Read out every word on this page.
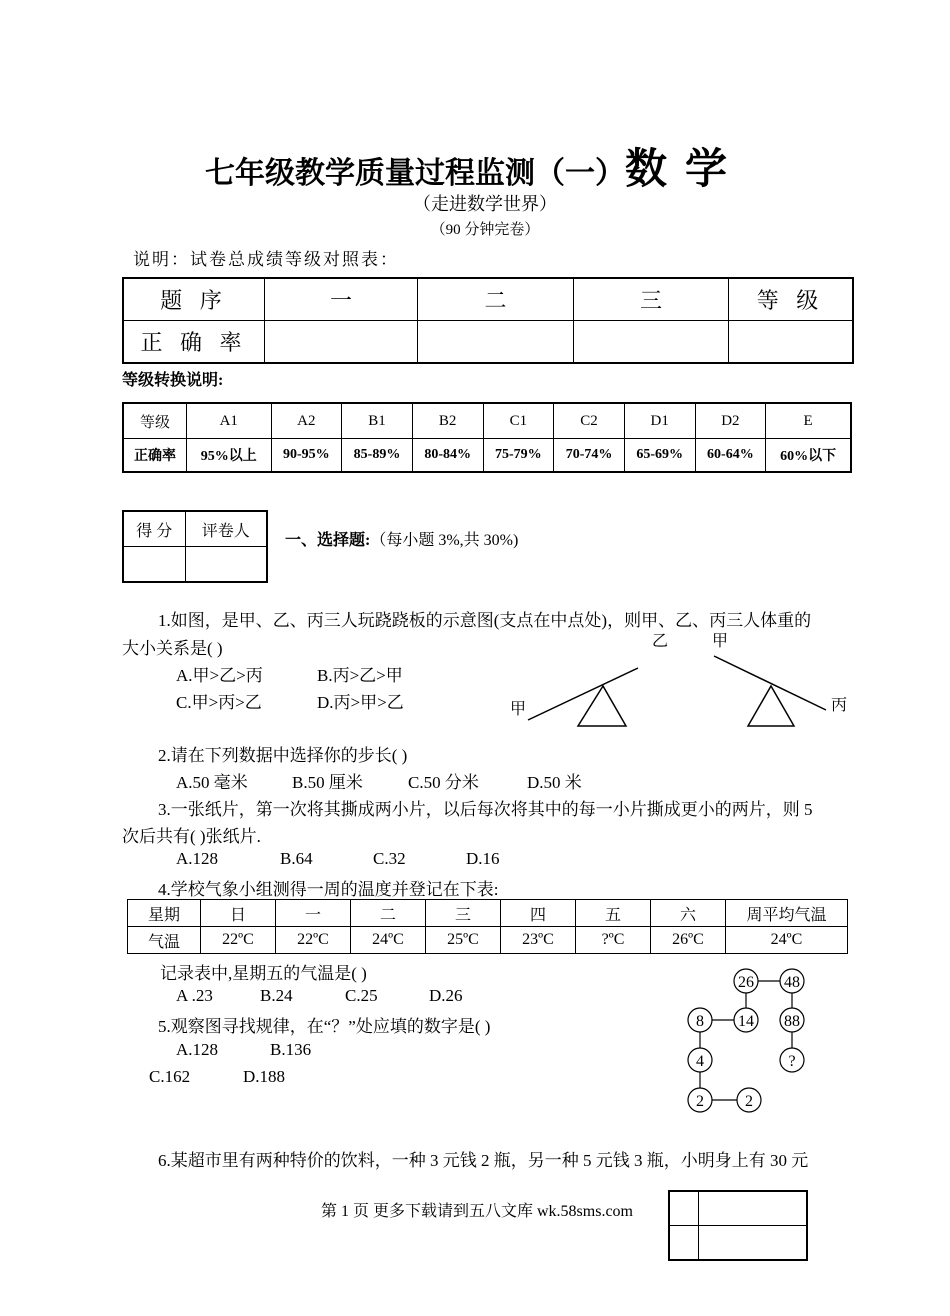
七年级教学质量过程监测（一）数学
（走进数学世界）
（90 分钟完卷）
说明：试卷总成绩等级对照表：
题 序	一	二	三	等 级
正 确 率				
等级转换说明:
等级	A1	A2	B1	B2	C1	C2	D1	D2	E
正确率	95%以上	90-95%	85-89%	80-84%	75-79%	70-74%	65-69%	60-64%	60%以下
得 分	评卷人

一、选择题:（每小题 3%,共 30%)
1.如图，是甲、乙、丙三人玩跷跷板的示意图(支点在中点处)，则甲、乙、丙三人体重的
大小关系是( )
A.甲>乙>丙	B.丙>乙>甲
C.甲>丙>乙	D.丙>甲>乙	甲
乙	甲
丙
2.请在下列数据中选择你的步长( )
A.50 毫米	B.50 厘米	C.50 分米	D.50 米
3.一张纸片，第一次将其撕成两小片，以后每次将其中的每一小片撕成更小的两片，则 5
次后共有( )张纸片.
A.128	B.64	C.32	D.16
4.学校气象小组测得一周的温度并登记在下表:
星期	日	一	二	三	四	五	六	周平均气温
气温	22ºC	22ºC	24ºC	25ºC	23ºC	?ºC	26ºC	24ºC
记录表中,星期五的气温是( )
A .23	B.24	C.25	D.26
5.观察图寻找规律，在“？”处应填的数字是( )
A.128	B.136
C.162	D.188
26 48
8 14 88
4	?
2	2
6.某超市里有两种特价的饮料，一种 3 元钱 2 瓶，另一种 5 元钱 3 瓶，小明身上有 30 元
第 1 页 更多下载请到五八文库 wk.58sms.com
